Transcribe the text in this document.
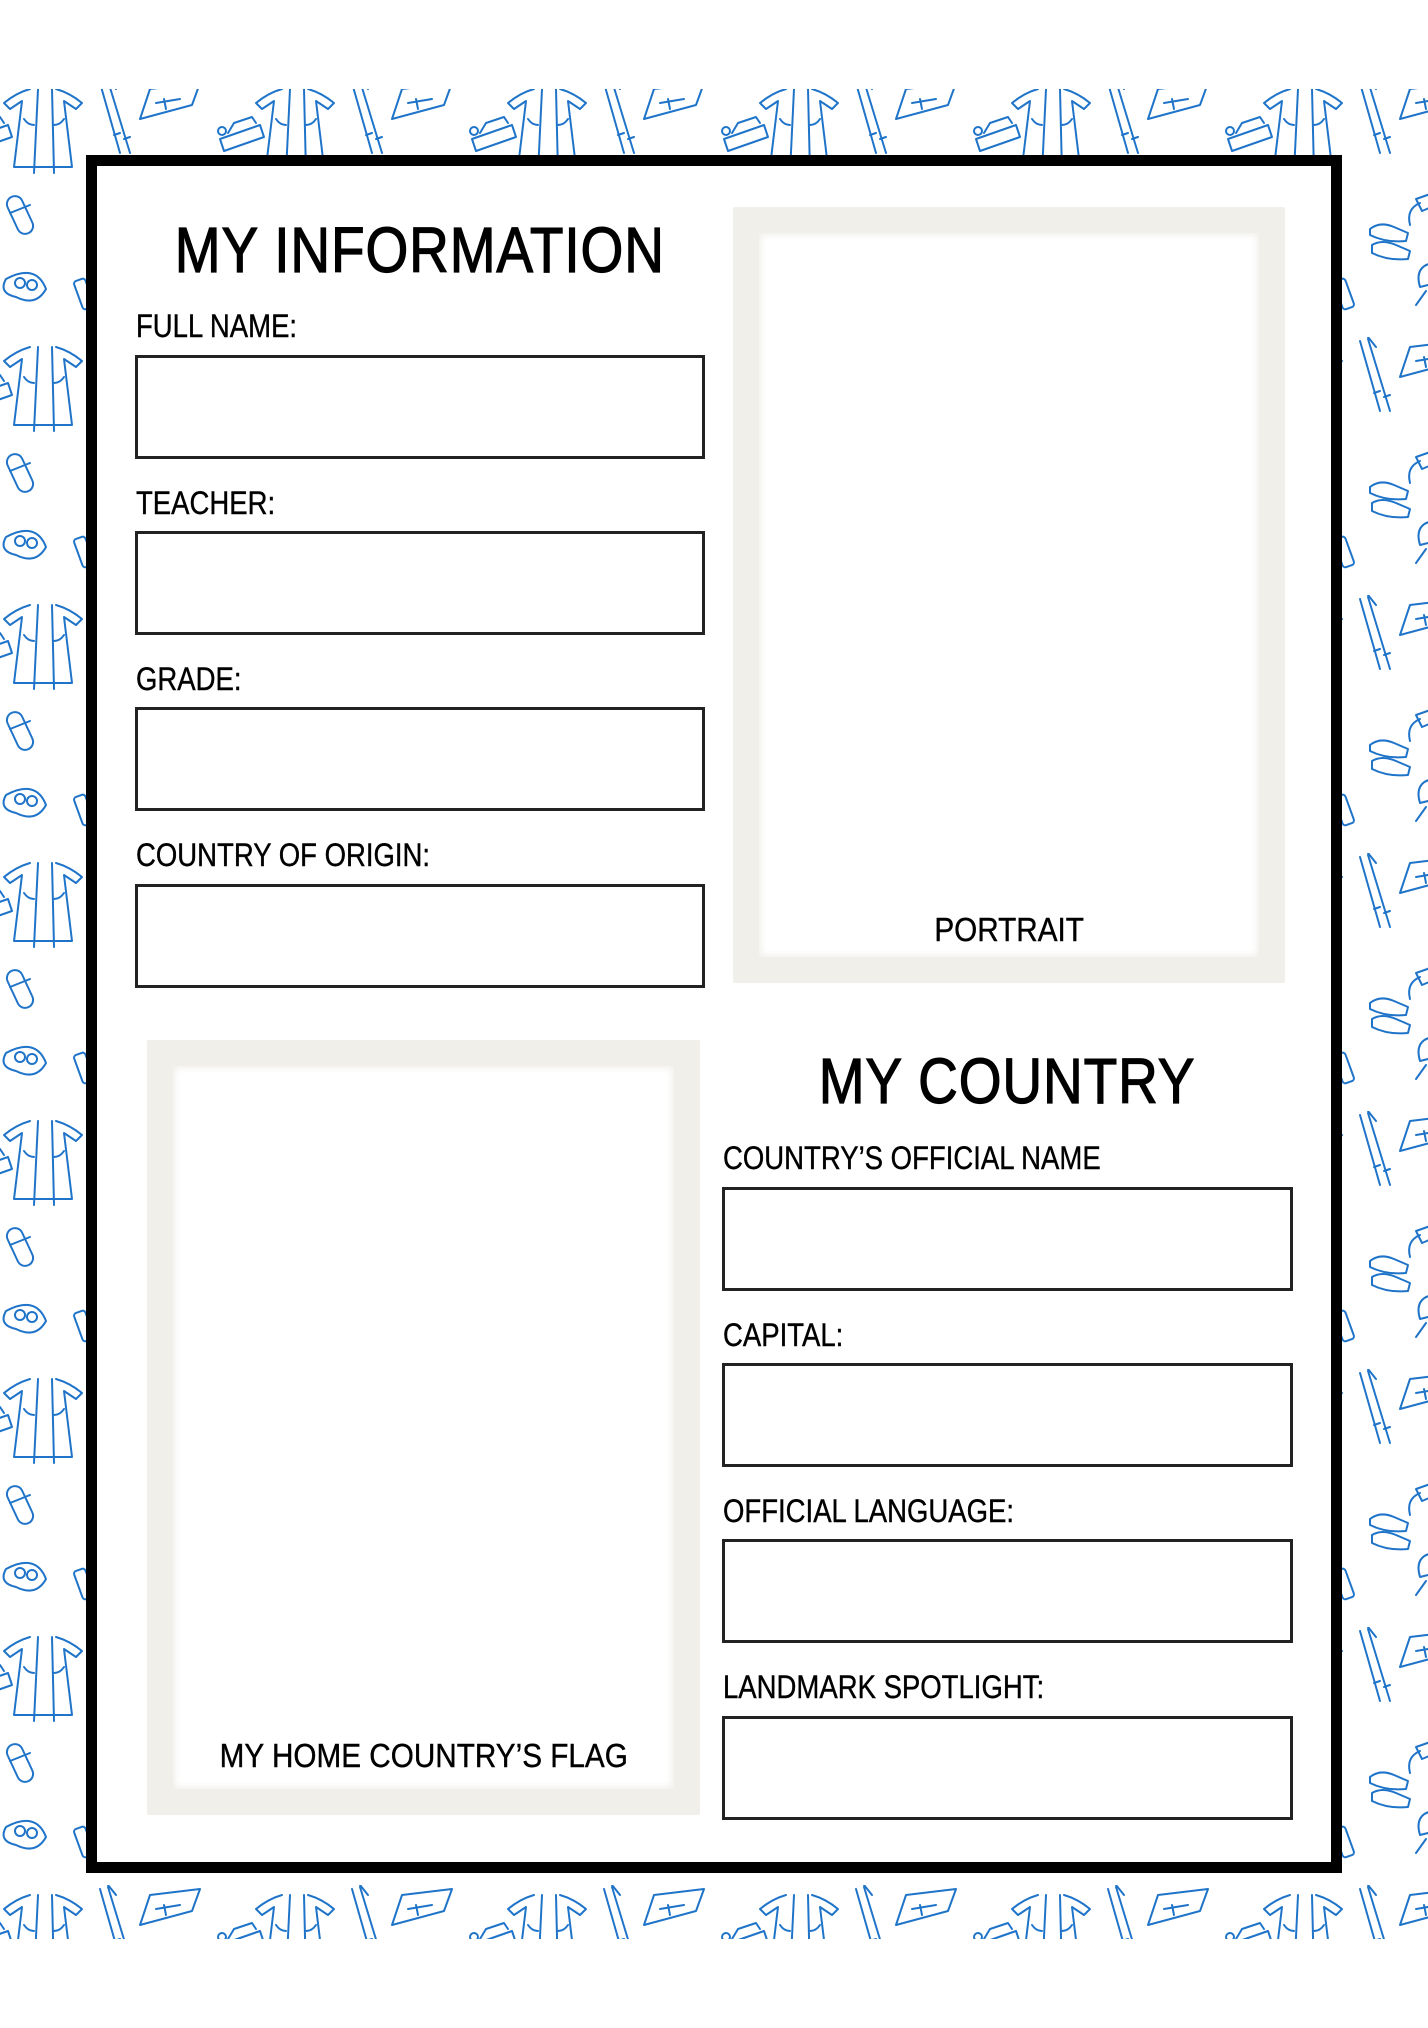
MY INFORMATION
FULL NAME:
TEACHER:
GRADE:
COUNTRY OF ORIGIN:
PORTRAIT
MY HOME COUNTRY’S FLAG
MY COUNTRY
COUNTRY’S OFFICIAL NAME
CAPITAL:
OFFICIAL LANGUAGE:
LANDMARK SPOTLIGHT:
